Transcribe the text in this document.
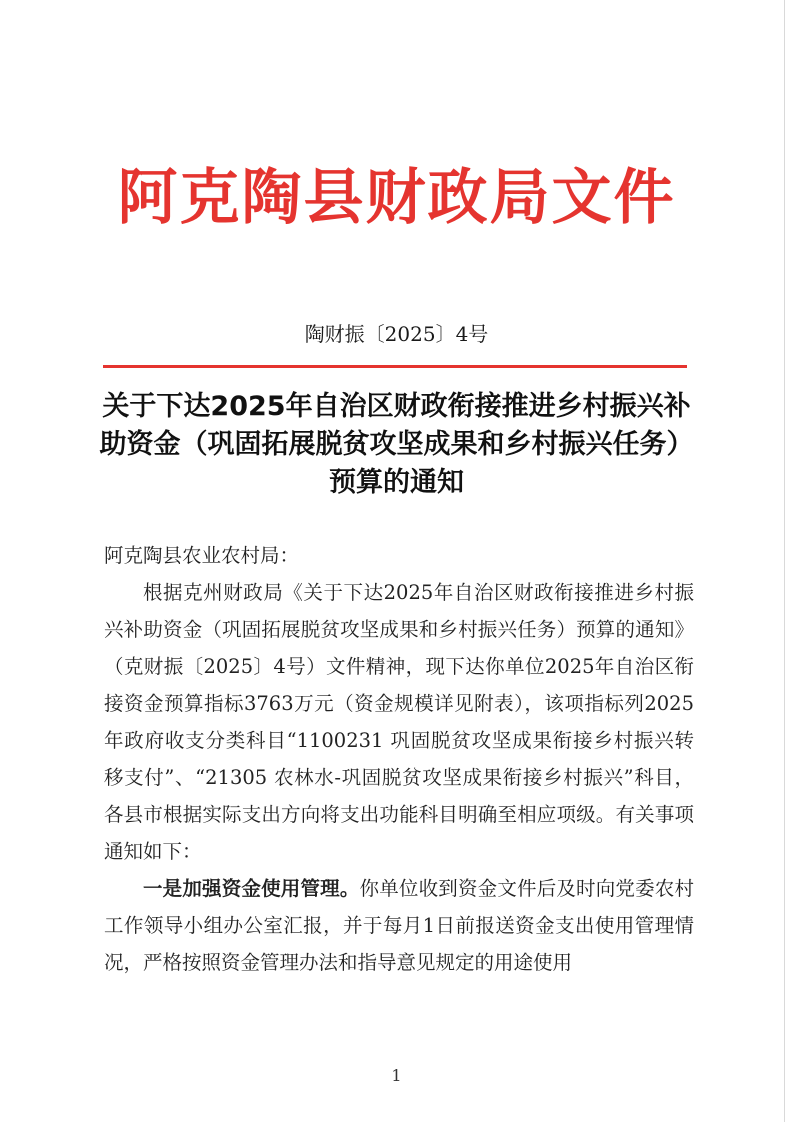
阿克陶县财政局文件
陶财振〔2025〕4号
关于下达2025年自治区财政衔接推进乡村振兴补助资金（巩固拓展脱贫攻坚成果和乡村振兴任务）预算的通知

阿克陶县农业农村局：

根据克州财政局《关于下达2025年自治区财政衔接推进乡村振兴补助资金（巩固拓展脱贫攻坚成果和乡村振兴任务）预算的通知》（克财振〔2025〕4号）文件精神，现下达你单位2025年自治区衔接资金预算指标3763万元（资金规模详见附表），该项指标列2025年政府收支分类科目“1100231 巩固脱贫攻坚成果衔接乡村振兴转移支付”、“21305 农林水-巩固脱贫攻坚成果衔接乡村振兴”科目，各县市根据实际支出方向将支出功能科目明确至相应项级。有关事项通知如下：

一是加强资金使用管理。你单位收到资金文件后及时向党委农村工作领导小组办公室汇报，并于每月1日前报送资金支出使用管理情况，严格按照资金管理办法和指导意见规定的用途使用

1
